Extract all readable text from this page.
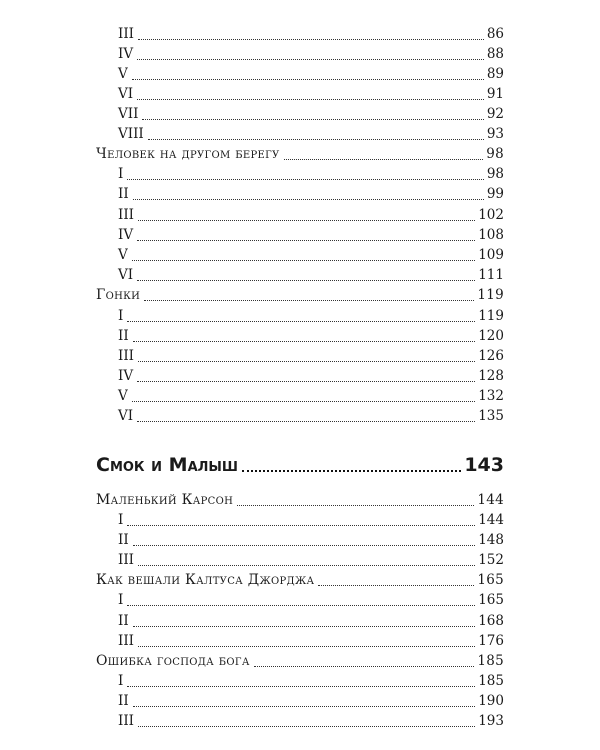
III	86
IV	88
V	89
VI	91
VII	92
VIII	93
Человек на другом берегу	98
I	98
II	99
III	102
IV	108
V	109
VI	111
Гонки	119
I	119
II	120
III	126
IV	128
V	132
VI	135
Смок и Малыш	143
Маленький Карсон	144
I	144
II	148
III	152
Как вешали Калтуса Джорджа	165
I	165
II	168
III	176
Ошибка господа бога	185
I	185
II	190
III	193
